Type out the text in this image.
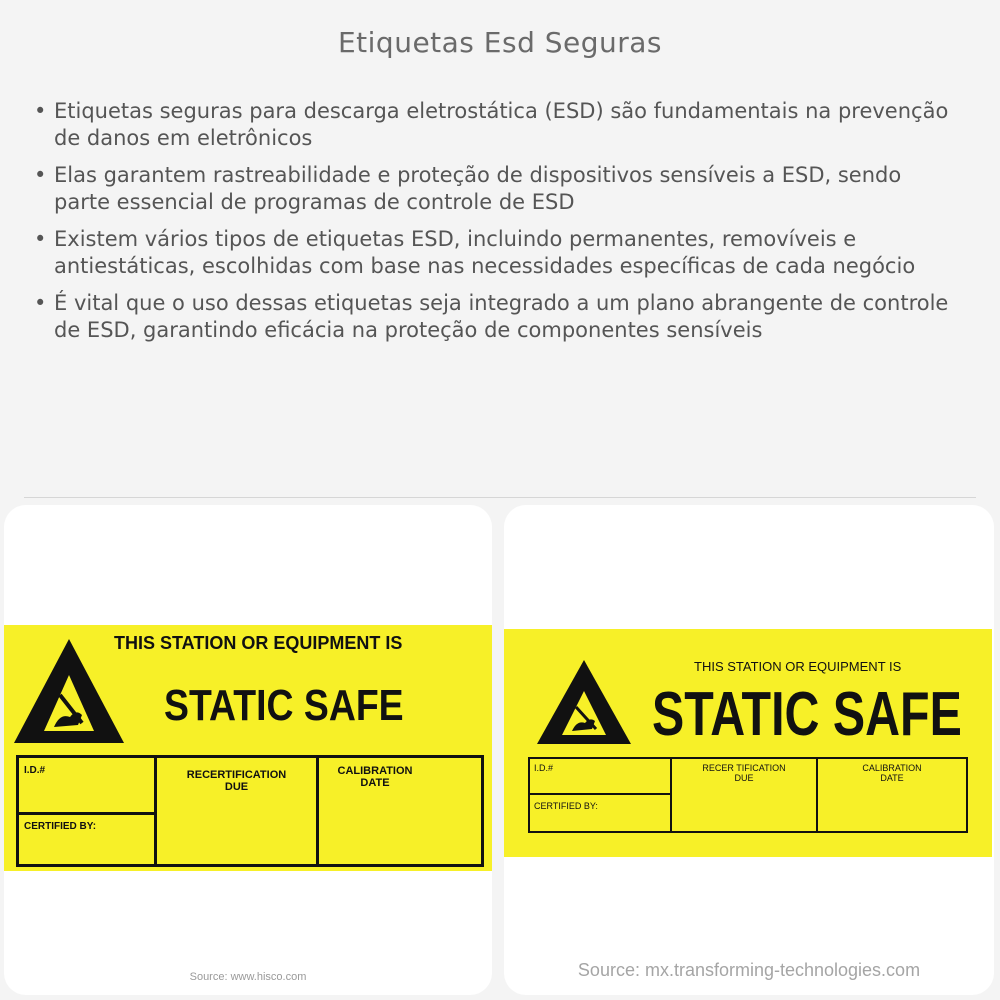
Etiquetas Esd Seguras
• Etiquetas seguras para descarga eletrostática (ESD) são fundamentais na prevenção de danos em eletrônicos
• Elas garantem rastreabilidade e proteção de dispositivos sensíveis a ESD, sendo parte essencial de programas de controle de ESD
• Existem vários tipos de etiquetas ESD, incluindo permanentes, removíveis e antiestáticas, escolhidas com base nas necessidades específicas de cada negócio
• É vital que o uso dessas etiquetas seja integrado a um plano abrangente de controle de ESD, garantindo eficácia na proteção de componentes sensíveis
THIS STATION OR EQUIPMENT IS
STATIC SAFE
I.D.#
CERTIFIED BY:
RECERTIFICATION
DUE
CALIBRATION
DATE
Source: www.hisco.com
THIS STATION OR EQUIPMENT IS
STATIC SAFE
I.D.#
CERTIFIED BY:
RECER TIFICATION
DUE
CALIBRATION
DATE
Source: mx.transforming-technologies.com
